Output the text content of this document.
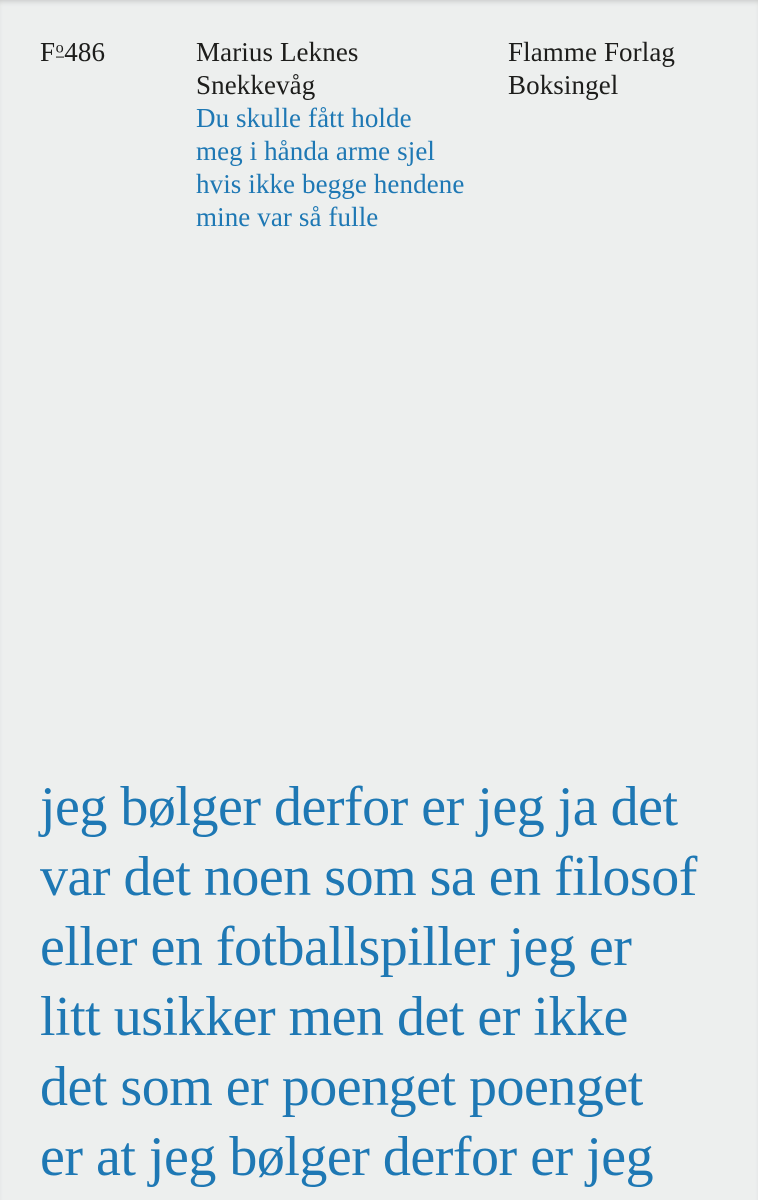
Fo486	Marius Leknes
Snekkevåg
Du skulle fått holde
meg i hånda arme sjel
hvis ikke begge hendene
mine var så fulle
Flamme Forlag
Boksingel
jeg bølger derfor er jeg ja det
var det noen som sa en filosof
eller en fotballspiller jeg er
litt usikker men det er ikke
det som er poenget poenget
er at jeg bølger derfor er jeg
